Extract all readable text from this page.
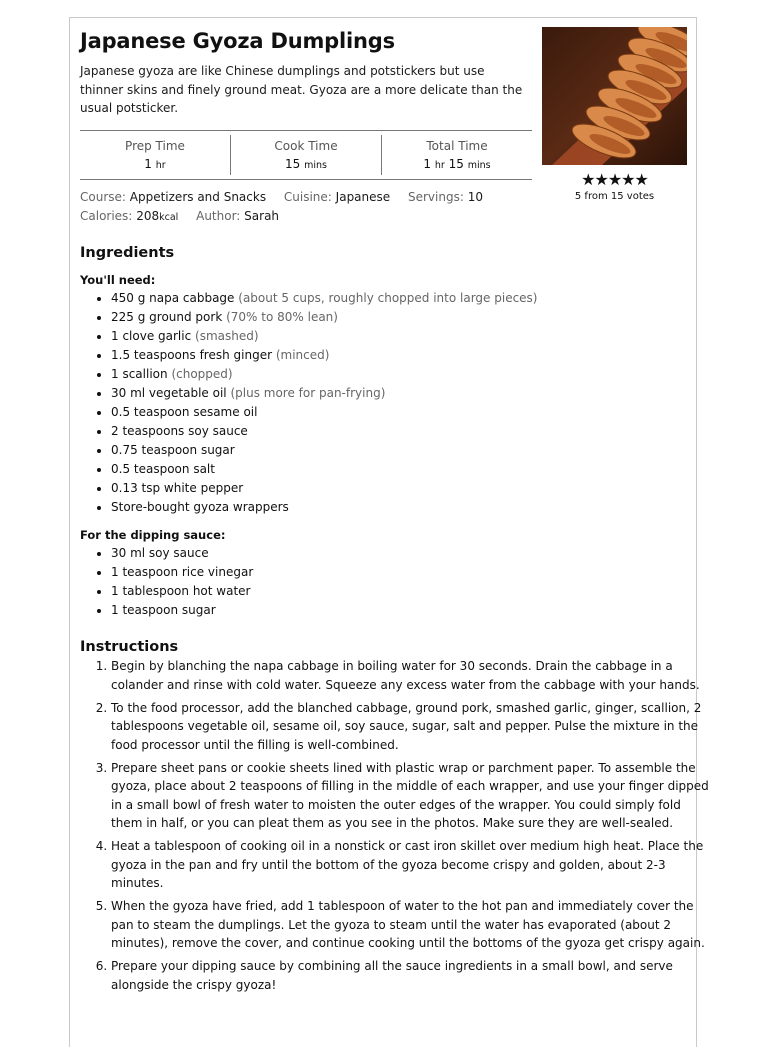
Japanese Gyoza Dumplings
Japanese gyoza are like Chinese dumplings and potstickers but use thinner skins and finely ground meat. Gyoza are a more delicate than the usual potsticker.
★★★★★
5 from 15 votes
Prep Time
1 hr
Cook Time
15 mins
Total Time
1 hr 15 mins
Course: Appetizers and Snacks Cuisine: Japanese Servings: 10
Calories: 208kcal Author: Sarah
Ingredients
You'll need:
• 450 g napa cabbage (about 5 cups, roughly chopped into large pieces)
• 225 g ground pork (70% to 80% lean)
• 1 clove garlic (smashed)
• 1.5 teaspoons fresh ginger (minced)
• 1 scallion (chopped)
• 30 ml vegetable oil (plus more for pan-frying)
• 0.5 teaspoon sesame oil
• 2 teaspoons soy sauce
• 0.75 teaspoon sugar
• 0.5 teaspoon salt
• 0.13 tsp white pepper
• Store-bought gyoza wrappers
For the dipping sauce:
• 30 ml soy sauce
• 1 teaspoon rice vinegar
• 1 tablespoon hot water
• 1 teaspoon sugar
Instructions
1. Begin by blanching the napa cabbage in boiling water for 30 seconds. Drain the cabbage in a colander and rinse with cold water. Squeeze any excess water from the cabbage with your hands.
2. To the food processor, add the blanched cabbage, ground pork, smashed garlic, ginger, scallion, 2 tablespoons vegetable oil, sesame oil, soy sauce, sugar, salt and pepper. Pulse the mixture in the food processor until the filling is well-combined.
3. Prepare sheet pans or cookie sheets lined with plastic wrap or parchment paper. To assemble the gyoza, place about 2 teaspoons of filling in the middle of each wrapper, and use your finger dipped in a small bowl of fresh water to moisten the outer edges of the wrapper. You could simply fold them in half, or you can pleat them as you see in the photos. Make sure they are well-sealed.
4. Heat a tablespoon of cooking oil in a nonstick or cast iron skillet over medium high heat. Place the gyoza in the pan and fry until the bottom of the gyoza become crispy and golden, about 2-3 minutes.
5. When the gyoza have fried, add 1 tablespoon of water to the hot pan and immediately cover the pan to steam the dumplings. Let the gyoza to steam until the water has evaporated (about 2 minutes), remove the cover, and continue cooking until the bottoms of the gyoza get crispy again.
6. Prepare your dipping sauce by combining all the sauce ingredients in a small bowl, and serve alongside the crispy gyoza!
